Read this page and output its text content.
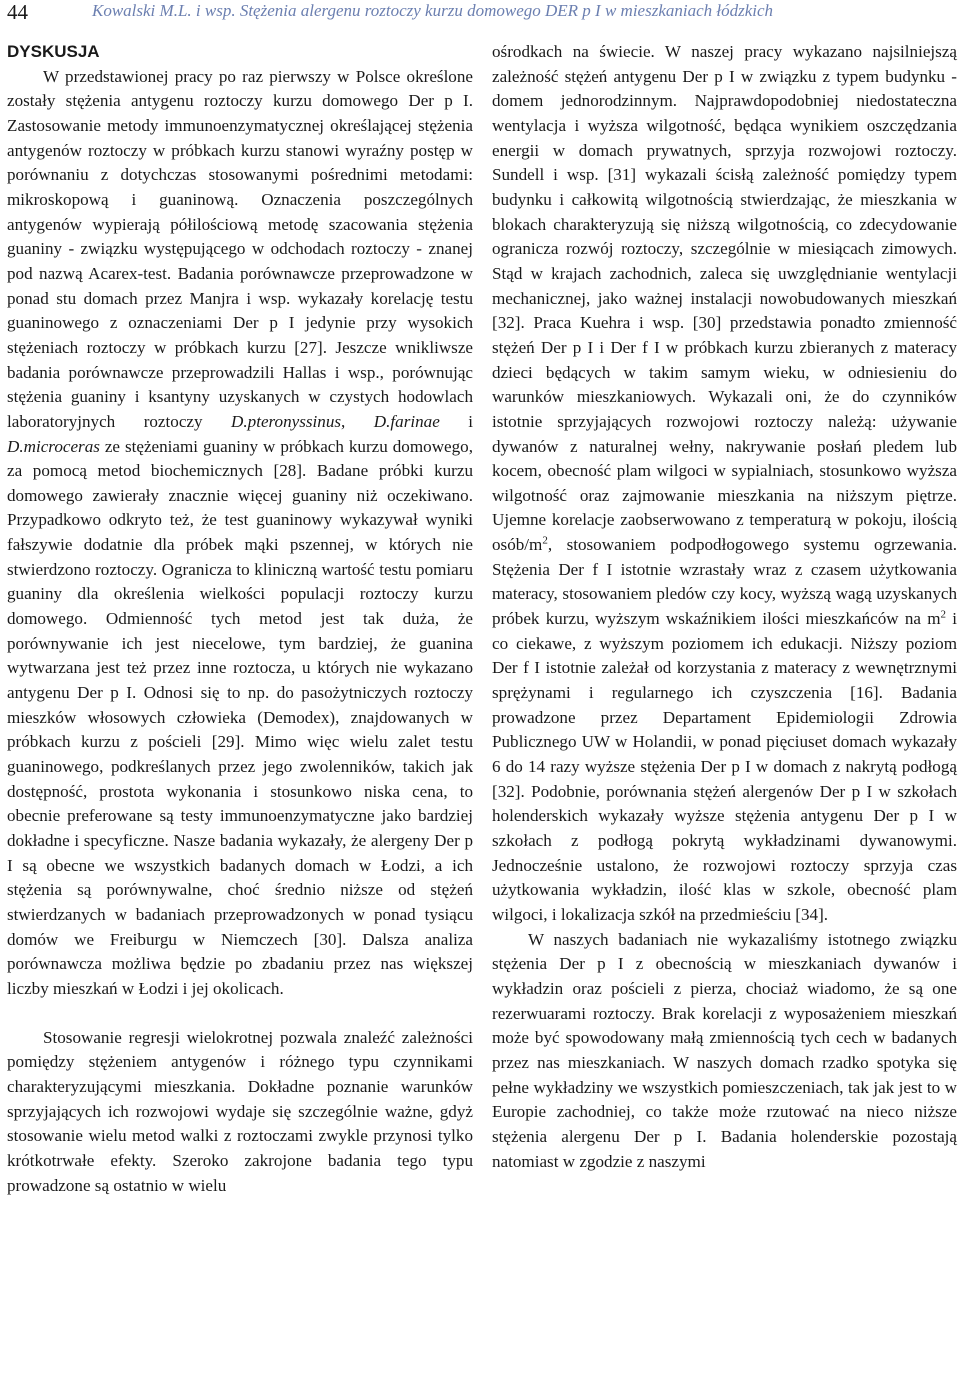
44	Kowalski M.L. i wsp. Stężenia alergenu roztoczy kurzu domowego DER p I w mieszkaniach łódzkich

DYSKUSJA

W przedstawionej pracy po raz pierwszy w Polsce określone zostały stężenia antygenu roztoczy kurzu domowego Der p I. Zastosowanie metody immunoenzymatycznej określającej stężenia antygenów roztoczy w próbkach kurzu stanowi wyraźny postęp w porównaniu z dotychczas stosowanymi pośrednimi metodami: mikroskopową i guaninową. Oznaczenia poszczególnych antygenów wypierają półilościową metodę szacowania stężenia guaniny - związku występującego w odchodach roztoczy - znanej pod nazwą Acarex-test. Badania porównawcze przeprowadzone w ponad stu domach przez Manjra i wsp. wykazały korelację testu guaninowego z oznaczeniami Der p I jedynie przy wysokich stężeniach roztoczy w próbkach kurzu [27]. Jeszcze wnikliwsze badania porównawcze przeprowadzili Hallas i wsp., porównując stężenia guaniny i ksantyny uzyskanych w czystych hodowlach laboratoryjnych roztoczy D.pteronyssinus, D.farinae i D.microceras ze stężeniami guaniny w próbkach kurzu domowego, za pomocą metod biochemicznych [28]. Badane próbki kurzu domowego zawierały znacznie więcej guaniny niż oczekiwano. Przypadkowo odkryto też, że test guaninowy wykazywał wyniki fałszywie dodatnie dla próbek mąki pszennej, w których nie stwierdzono roztoczy. Ogranicza to kliniczną wartość testu pomiaru guaniny dla określenia wielkości populacji roztoczy kurzu domowego. Odmienność tych metod jest tak duża, że porównywanie ich jest niecelowe, tym bardziej, że guanina wytwarzana jest też przez inne roztocza, u których nie wykazano antygenu Der p I. Odnosi się to np. do pasożytniczych roztoczy mieszków włosowych człowieka (Demodex), znajdowanych w próbkach kurzu z pościeli [29]. Mimo więc wielu zalet testu guaninowego, podkreślanych przez jego zwolenników, takich jak dostępność, prostota wykonania i stosunkowo niska cena, to obecnie preferowane są testy immunoenzymatyczne jako bardziej dokładne i specyficzne. Nasze badania wykazały, że alergeny Der p I są obecne we wszystkich badanych domach w Łodzi, a ich stężenia są porównywalne, choć średnio niższe od stężeń stwierdzanych w badaniach przeprowadzonych w ponad tysiącu domów we Freiburgu w Niemczech [30]. Dalsza analiza porównawcza możliwa będzie po zbadaniu przez nas większej liczby mieszkań w Łodzi i jej okolicach.

Stosowanie regresji wielokrotnej pozwala znaleźć zależności pomiędzy stężeniem antygenów i różnego typu czynnikami charakteryzującymi mieszkania. Dokładne poznanie warunków sprzyjających ich rozwojowi wydaje się szczególnie ważne, gdyż stosowanie wielu metod walki z roztoczami zwykle przynosi tylko krótkotrwałe efekty. Szeroko zakrojone badania tego typu prowadzone są ostatnio w wielu

ośrodkach na świecie. W naszej pracy wykazano najsilniejszą zależność stężeń antygenu Der p I w związku z typem budynku - domem jednorodzinnym. Najprawdopodobniej niedostateczna wentylacja i wyższa wilgotność, będąca wynikiem oszczędzania energii w domach prywatnych, sprzyja rozwojowi roztoczy. Sundell i wsp. [31] wykazali ścisłą zależność pomiędzy typem budynku i całkowitą wilgotnością stwierdzając, że mieszkania w blokach charakteryzują się niższą wilgotnością, co zdecydowanie ogranicza rozwój roztoczy, szczególnie w miesiącach zimowych. Stąd w krajach zachodnich, zaleca się uwzględnianie wentylacji mechanicznej, jako ważnej instalacji nowobudowanych mieszkań [32]. Praca Kuehra i wsp. [30] przedstawia ponadto zmienność stężeń Der p I i Der f I w próbkach kurzu zbieranych z materacy dzieci będących w takim samym wieku, w odniesieniu do warunków mieszkaniowych. Wykazali oni, że do czynników istotnie sprzyjających rozwojowi roztoczy należą: używanie dywanów z naturalnej wełny, nakrywanie posłań pledem lub kocem, obecność plam wilgoci w sypialniach, stosunkowo wyższa wilgotność oraz zajmowanie mieszkania na niższym piętrze. Ujemne korelacje zaobserwowano z temperaturą w pokoju, ilością osób/$m^2$, stosowaniem podpodłogowego systemu ogrzewania. Stężenia Der f I istotnie wzrastały wraz z czasem użytkowania materacy, stosowaniem pledów czy kocy, wyższą wagą uzyskanych próbek kurzu, wyższym wskaźnikiem ilości mieszkańców na $m^2$ i co ciekawe, z wyższym poziomem ich edukacji. Niższy poziom Der f I istotnie zależał od korzystania z materacy z wewnętrznymi sprężynami i regularnego ich czyszczenia [16]. Badania prowadzone przez Departament Epidemiologii Zdrowia Publicznego UW w Holandii, w ponad pięciuset domach wykazały 6 do 14 razy wyższe stężenia Der p I w domach z nakrytą podłogą [32]. Podobnie, porównania stężeń alergenów Der p I w szkołach holenderskich wykazały wyższe stężenia antygenu Der p I w szkołach z podłogą pokrytą wykładzinami dywanowymi. Jednocześnie ustalono, że rozwojowi roztoczy sprzyja czas użytkowania wykładzin, ilość klas w szkole, obecność plam wilgoci, i lokalizacja szkół na przedmieściu [34].

W naszych badaniach nie wykazaliśmy istotnego związku stężenia Der p I z obecnością w mieszkaniach dywanów i wykładzin oraz pościeli z pierza, chociaż wiadomo, że są one rezerwuarami roztoczy. Brak korelacji z wyposażeniem mieszkań może być spowodowany małą zmiennością tych cech w badanych przez nas mieszkaniach. W naszych domach rzadko spotyka się pełne wykładziny we wszystkich pomieszczeniach, tak jak jest to w Europie zachodniej, co także może rzutować na nieco niższe stężenia alergenu Der p I. Badania holenderskie pozostają natomiast w zgodzie z naszymi
